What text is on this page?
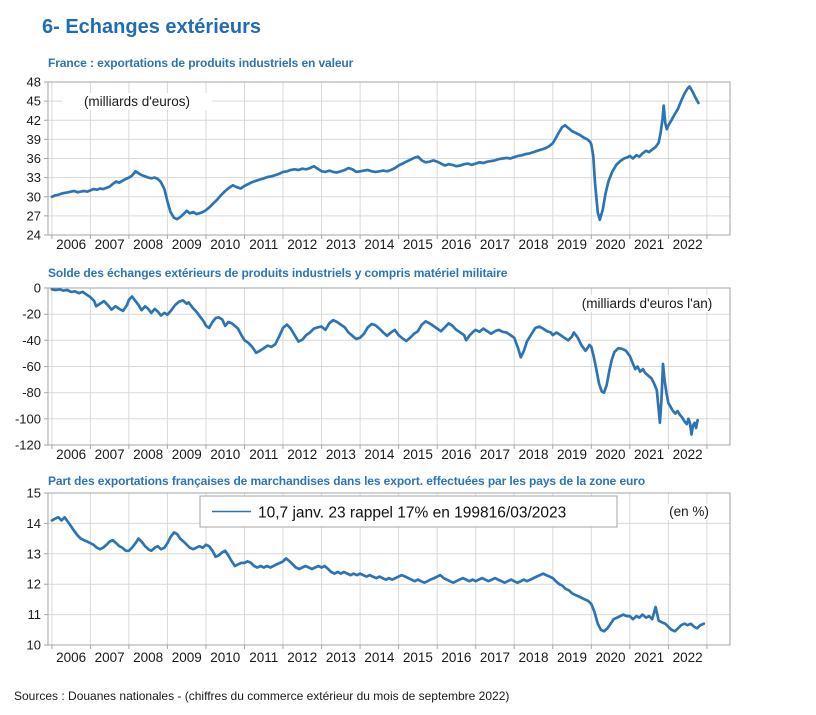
6- Echanges extérieurs
France : exportations de produits industriels en valeur
Solde des échanges extérieurs de produits industriels y compris matériel militaire
Part des exportations françaises de marchandises dans les export. effectuées par les pays de la zone euro
24
27
30
33
36
39
42
45
48
2006 2007 2008 2009 2010 2011 2012 2013 2014 2015 2016 2017 2018 2019 2020 2021 2022
(milliards d'euros)
0
-20
-40
-60
-80
-100
-120
2006 2007 2008 2009 2010 2011 2012 2013 2014 2015 2016 2017 2018 2019 2020 2021 2022
(milliards d'euros l'an)
10
11
12
13
14
15
2006 2007 2008 2009 2010 2011 2012 2013 2014 2015 2016 2017 2018 2019 2020 2021 2022
(en %)
10,7 janv. 23 rappel 17% en 199816/03/2023
Sources : Douanes nationales - (chiffres du commerce extérieur du mois de septembre 2022)
